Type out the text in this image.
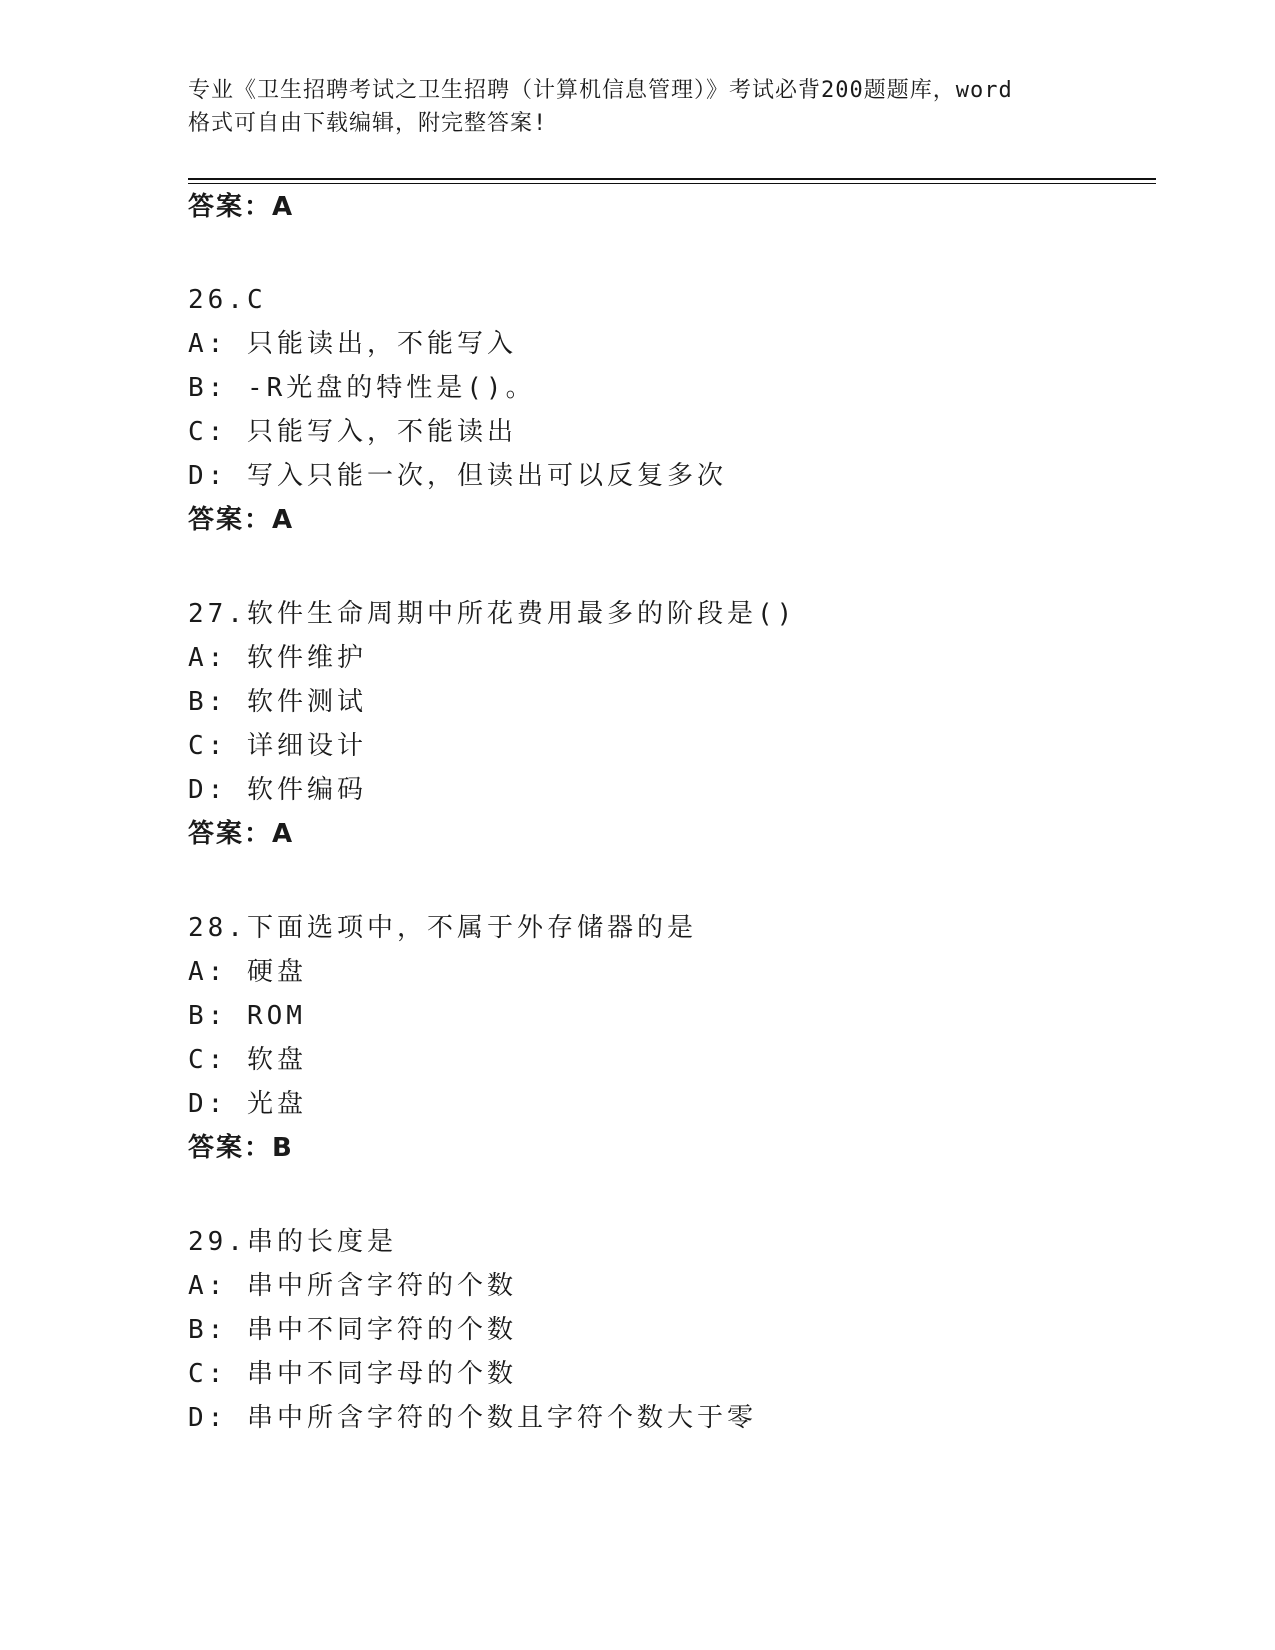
专业《卫生招聘考试之卫生招聘（计算机信息管理）》考试必背200题题库，word
格式可自由下载编辑，附完整答案!
答案：A
26.C
A: 只能读出，不能写入
B: -R光盘的特性是()。
C: 只能写入，不能读出
D: 写入只能一次，但读出可以反复多次
答案：A
27.软件生命周期中所花费用最多的阶段是()
A: 软件维护
B: 软件测试
C: 详细设计
D: 软件编码
答案：A
28.下面选项中，不属于外存储器的是
A: 硬盘
B: ROM
C: 软盘
D: 光盘
答案：B
29.串的长度是
A: 串中所含字符的个数
B: 串中不同字符的个数
C: 串中不同字母的个数
D: 串中所含字符的个数且字符个数大于零
